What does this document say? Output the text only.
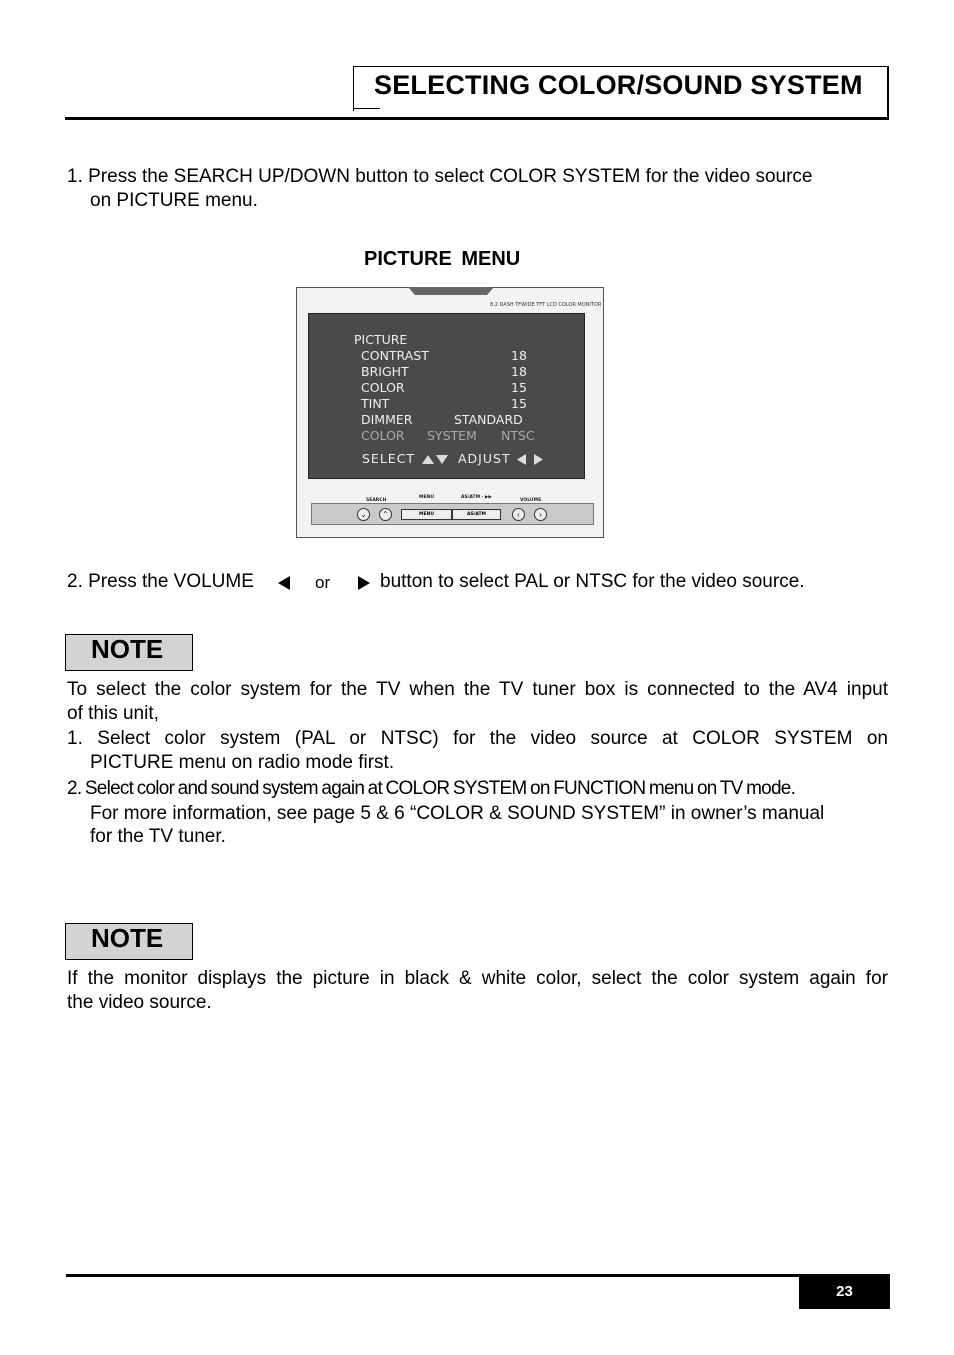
SELECTING COLOR/SOUND SYSTEM
1. Press the SEARCH UP/DOWN button to select COLOR SYSTEM for the video source
on PICTURE menu.
PICTURE MENU
8.2 DASH TFWIDE TFT LCD COLOR MONITOR
PICTURE
CONTRAST	18
BRIGHT	18
COLOR	15
TINT	15
DIMMER	STANDARD
COLOR SYSTEM NTSC
SELECT	ADJUST
SEARCH
MENU	AS/ATM · ▶▶
VOLUME
⌄	⌃	MENU	AS/ATM	‹	›
2. Press the VOLUME	or	button to select PAL or NTSC for the video source.
NOTE
To select the color system for the TV when the TV tuner box is connected to the AV4 input
of this unit,
1. Select color system (PAL or NTSC) for the video source at COLOR SYSTEM on
PICTURE menu on radio mode first.
2. Select color and sound system again at COLOR SYSTEM on FUNCTION menu on TV mode.
For more information, see page 5 & 6 “COLOR & SOUND SYSTEM” in owner’s manual
for the TV tuner.
NOTE
If the monitor displays the picture in black & white color, select the color system again for
the video source.
23
